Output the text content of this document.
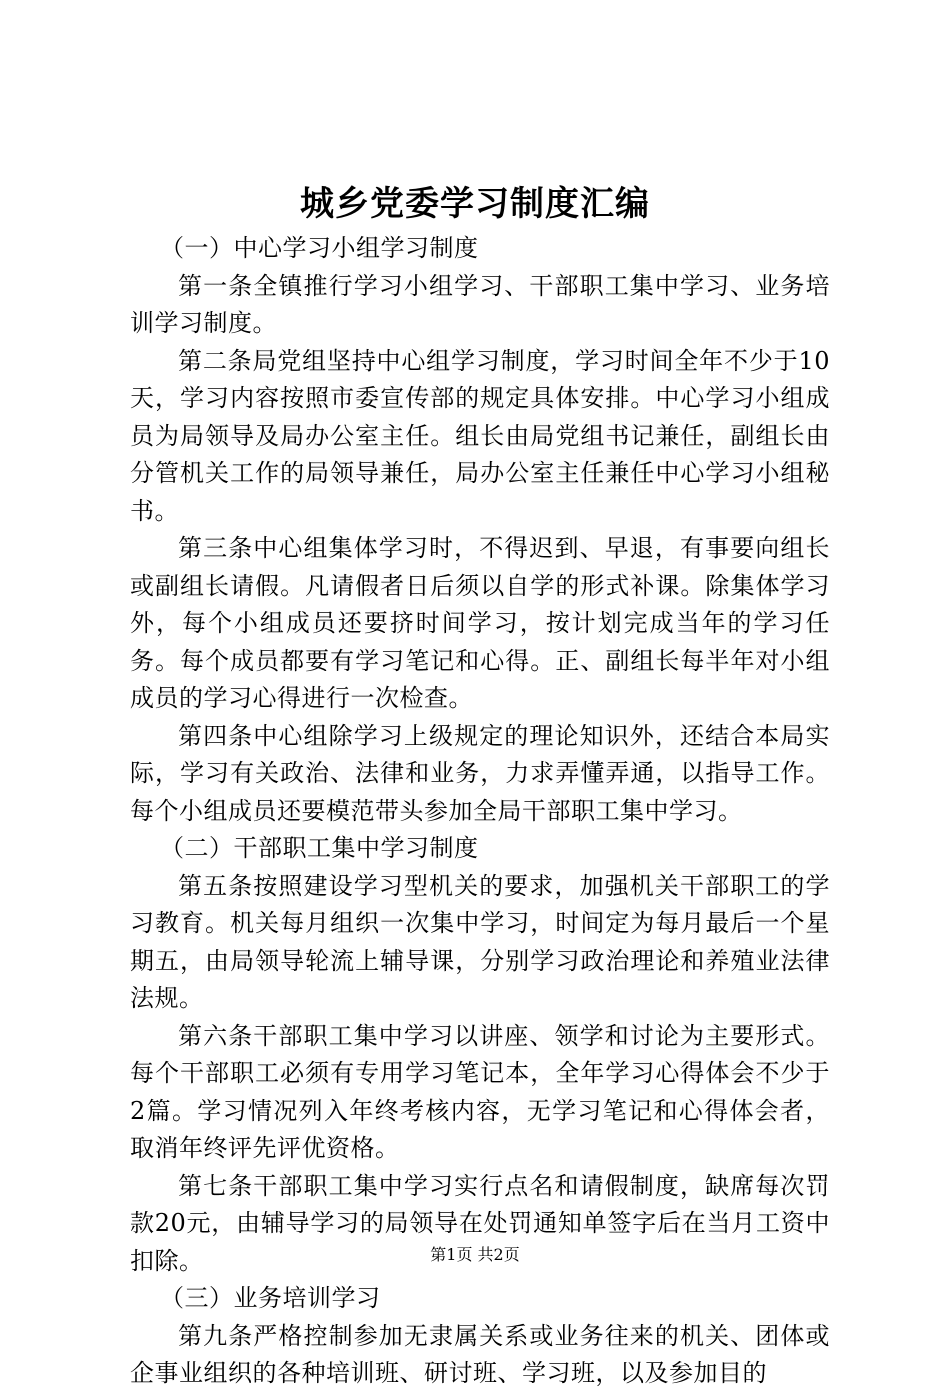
城乡党委学习制度汇编

（一）中心学习小组学习制度

第一条全镇推行学习小组学习、干部职工集中学习、业务培训学习制度。

第二条局党组坚持中心组学习制度，学习时间全年不少于10天，学习内容按照市委宣传部的规定具体安排。中心学习小组成员为局领导及局办公室主任。组长由局党组书记兼任，副组长由分管机关工作的局领导兼任，局办公室主任兼任中心学习小组秘书。

第三条中心组集体学习时，不得迟到、早退，有事要向组长或副组长请假。凡请假者日后须以自学的形式补课。除集体学习外，每个小组成员还要挤时间学习，按计划完成当年的学习任务。每个成员都要有学习笔记和心得。正、副组长每半年对小组成员的学习心得进行一次检查。

第四条中心组除学习上级规定的理论知识外，还结合本局实际，学习有关政治、法律和业务，力求弄懂弄通，以指导工作。每个小组成员还要模范带头参加全局干部职工集中学习。

（二）干部职工集中学习制度

第五条按照建设学习型机关的要求，加强机关干部职工的学习教育。机关每月组织一次集中学习，时间定为每月最后一个星期五，由局领导轮流上辅导课，分别学习政治理论和养殖业法律法规。

第六条干部职工集中学习以讲座、领学和讨论为主要形式。每个干部职工必须有专用学习笔记本，全年学习心得体会不少于2篇。学习情况列入年终考核内容，无学习笔记和心得体会者，取消年终评先评优资格。

第七条干部职工集中学习实行点名和请假制度，缺席每次罚款20元，由辅导学习的局领导在处罚通知单签字后在当月工资中扣除。

（三）业务培训学习

第九条严格控制参加无隶属关系或业务往来的机关、团体或企事业组织的各种培训班、研讨班、学习班，以及参加目的

第1页 共2页
